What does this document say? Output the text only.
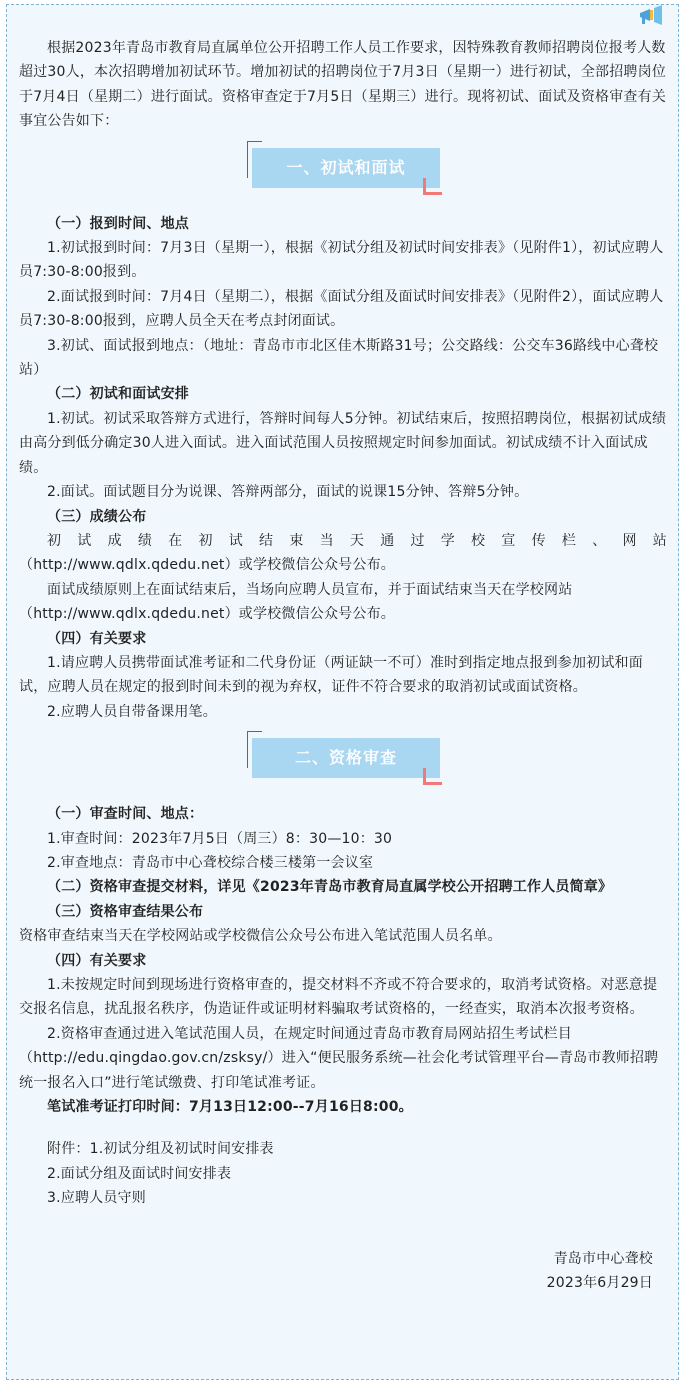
根据2023年青岛市教育局直属单位公开招聘工作人员工作要求，因特殊教育教师招聘岗位报考人数超过30人，本次招聘增加初试环节。增加初试的招聘岗位于7月3日（星期一）进行初试，全部招聘岗位于7月4日（星期二）进行面试。资格审查定于7月5日（星期三）进行。现将初试、面试及资格审查有关事宜公告如下：

一、初试和面试

（一）报到时间、地点

1.初试报到时间：7月3日（星期一），根据《初试分组及初试时间安排表》（见附件1），初试应聘人员7:30-8:00报到。

2.面试报到时间：7月4日（星期二），根据《面试分组及面试时间安排表》（见附件2），面试应聘人员7:30-8:00报到，应聘人员全天在考点封闭面试。

3.初试、面试报到地点：（地址：青岛市市北区佳木斯路31号；公交路线：公交车36路线中心聋校站）

（二）初试和面试安排

1.初试。初试采取答辩方式进行，答辩时间每人5分钟。初试结束后，按照招聘岗位，根据初试成绩由高分到低分确定30人进入面试。进入面试范围人员按照规定时间参加面试。初试成绩不计入面试成绩。

2.面试。面试题目分为说课、答辩两部分，面试的说课15分钟、答辩5分钟。

（三）成绩公布

初试成绩在初试结束当天通过学校宣传栏、网站

（http://www.qdlx.qdedu.net）或学校微信公众号公布。

面试成绩原则上在面试结束后，当场向应聘人员宣布，并于面试结束当天在学校网站（http://www.qdlx.qdedu.net）或学校微信公众号公布。

（四）有关要求

1.请应聘人员携带面试准考证和二代身份证（两证缺一不可）准时到指定地点报到参加初试和面试，应聘人员在规定的报到时间未到的视为弃权，证件不符合要求的取消初试或面试资格。

2.应聘人员自带备课用笔。

二、资格审查

（一）审查时间、地点：

1.审查时间：2023年7月5日（周三）8：30—10：30

2.审查地点：青岛市中心聋校综合楼三楼第一会议室

（二）资格审查提交材料，详见《2023年青岛市教育局直属学校公开招聘工作人员简章》

（三）资格审查结果公布

资格审查结束当天在学校网站或学校微信公众号公布进入笔试范围人员名单。

（四）有关要求

1.未按规定时间到现场进行资格审查的，提交材料不齐或不符合要求的，取消考试资格。对恶意提交报名信息，扰乱报名秩序，伪造证件或证明材料骗取考试资格的，一经查实，取消本次报考资格。

2.资格审查通过进入笔试范围人员，在规定时间通过青岛市教育局网站招生考试栏目（http://edu.qingdao.gov.cn/zsksy/）进入“便民服务系统—社会化考试管理平台—青岛市教师招聘统一报名入口”进行笔试缴费、打印笔试准考证。

笔试准考证打印时间：7月13日12:00--7月16日8:00。

附件：1.初试分组及初试时间安排表

2.面试分组及面试时间安排表

3.应聘人员守则

青岛市中心聋校

2023年6月29日
